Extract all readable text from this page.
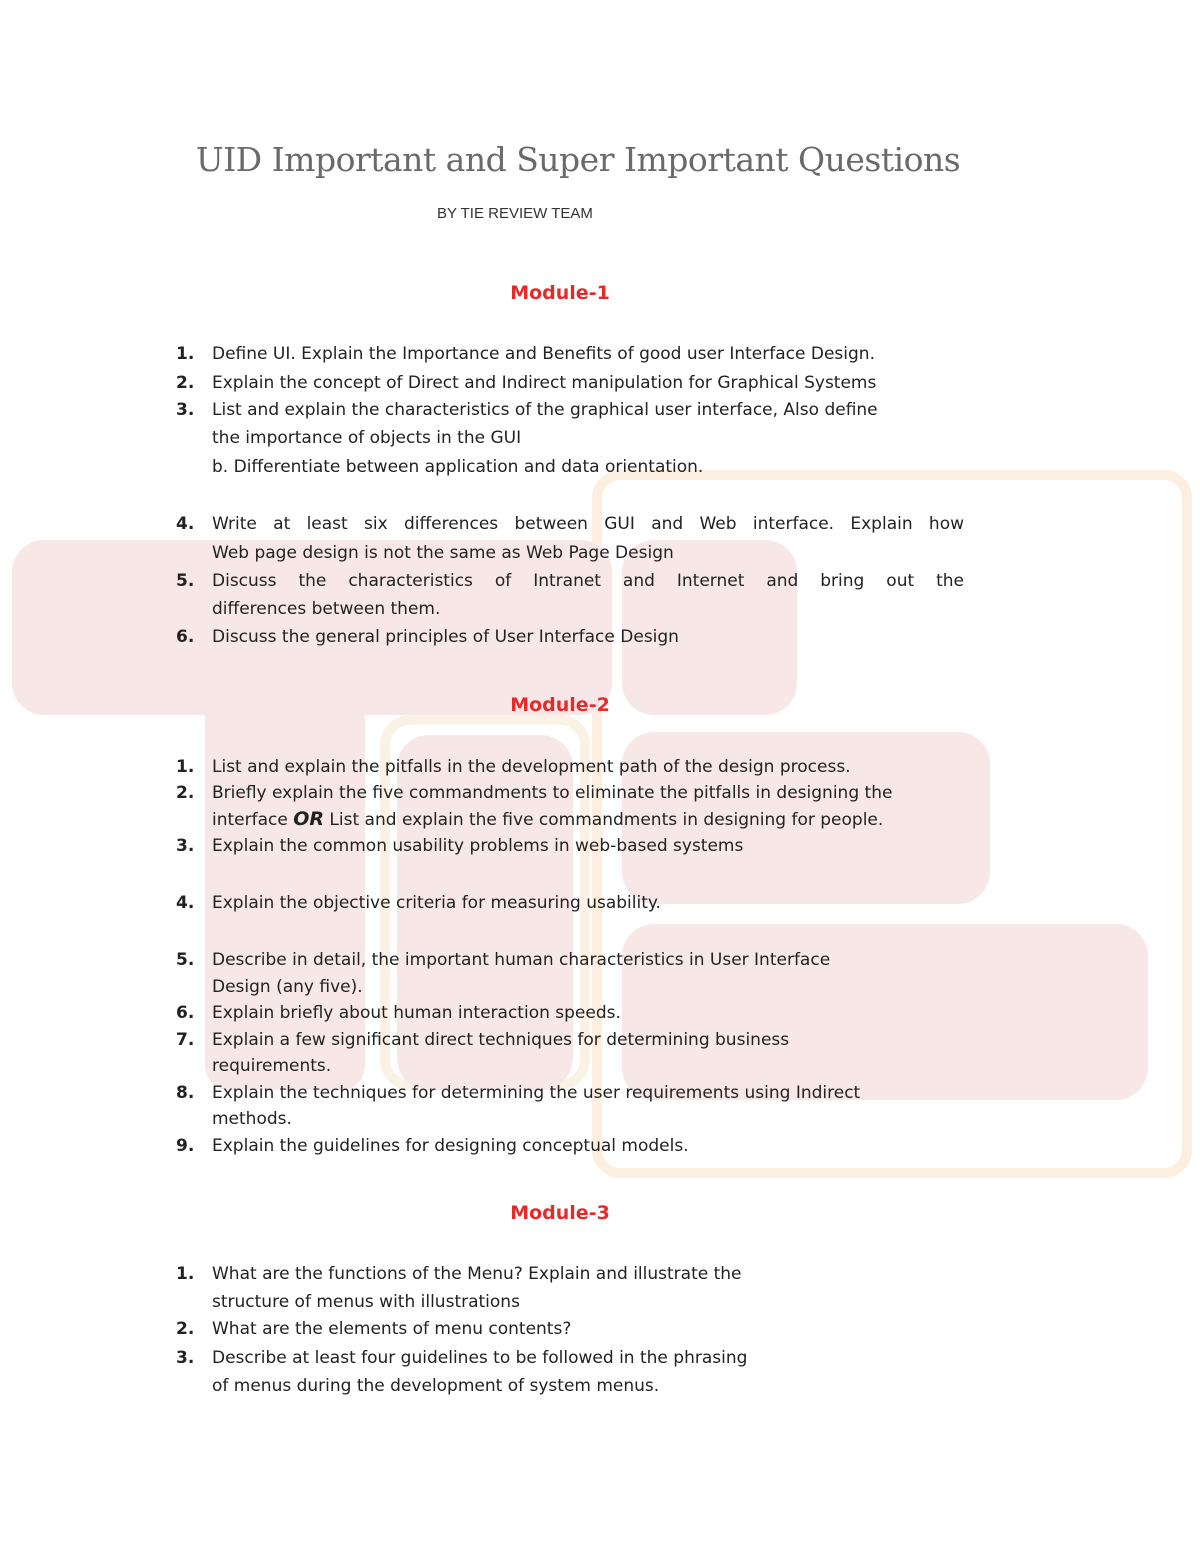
UID Important and Super Important Questions
BY TIE REVIEW TEAM
Module-1
1. Define UI. Explain the Importance and Benefits of good user Interface Design.
2. Explain the concept of Direct and Indirect manipulation for Graphical Systems
3. List and explain the characteristics of the graphical user interface, Also define
the importance of objects in the GUI
b. Differentiate between application and data orientation.
4. Write at least six differences between GUI and Web interface. Explain how
Web page design is not the same as Web Page Design
5. Discuss the characteristics of Intranet and Internet and bring out the
differences between them.
6. Discuss the general principles of User Interface Design
Module-2
1. List and explain the pitfalls in the development path of the design process.
2. Briefly explain the five commandments to eliminate the pitfalls in designing the
interface OR List and explain the five commandments in designing for people.
3. Explain the common usability problems in web-based systems
4. Explain the objective criteria for measuring usability.
5. Describe in detail, the important human characteristics in User Interface
Design (any five).
6. Explain briefly about human interaction speeds.
7. Explain a few significant direct techniques for determining business
requirements.
8. Explain the techniques for determining the user requirements using Indirect
methods.
9. Explain the guidelines for designing conceptual models.
Module-3
1. What are the functions of the Menu? Explain and illustrate the
structure of menus with illustrations
2. What are the elements of menu contents?
3. Describe at least four guidelines to be followed in the phrasing
of menus during the development of system menus.
